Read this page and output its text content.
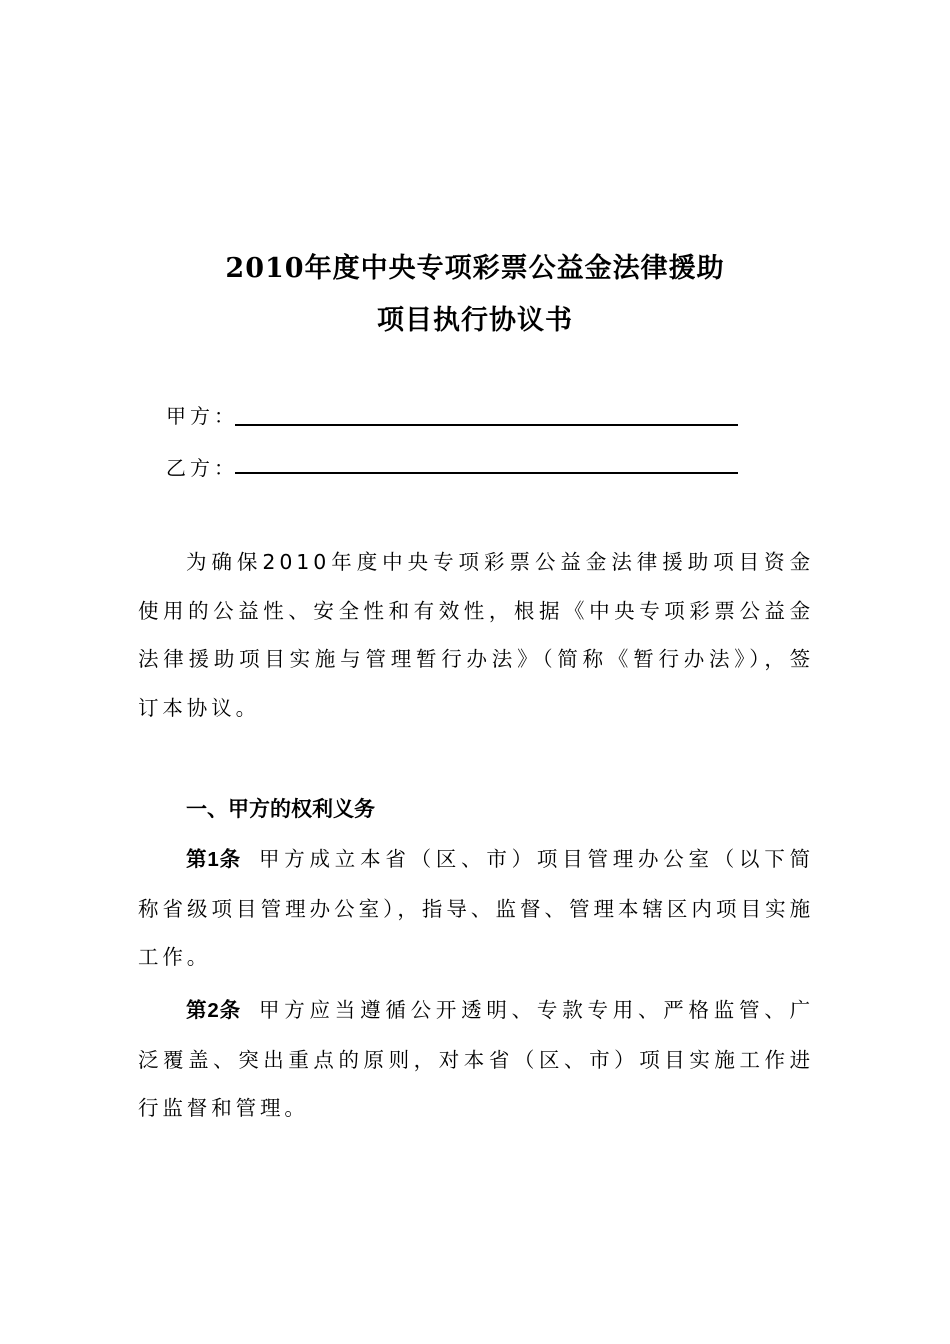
2010年度中央专项彩票公益金法律援助
项目执行协议书
甲方：
乙方：

为确保2010年度中央专项彩票公益金法律援助项目资金使用的公益性、安全性和有效性，根据《中央专项彩票公益金法律援助项目实施与管理暂行办法》（简称《暂行办法》），签订本协议。

一、甲方的权利义务

第1条 甲方成立本省（区、市）项目管理办公室（以下简称省级项目管理办公室），指导、监督、管理本辖区内项目实施工作。

第2条 甲方应当遵循公开透明、专款专用、严格监管、广泛覆盖、突出重点的原则，对本省（区、市）项目实施工作进行监督和管理。
